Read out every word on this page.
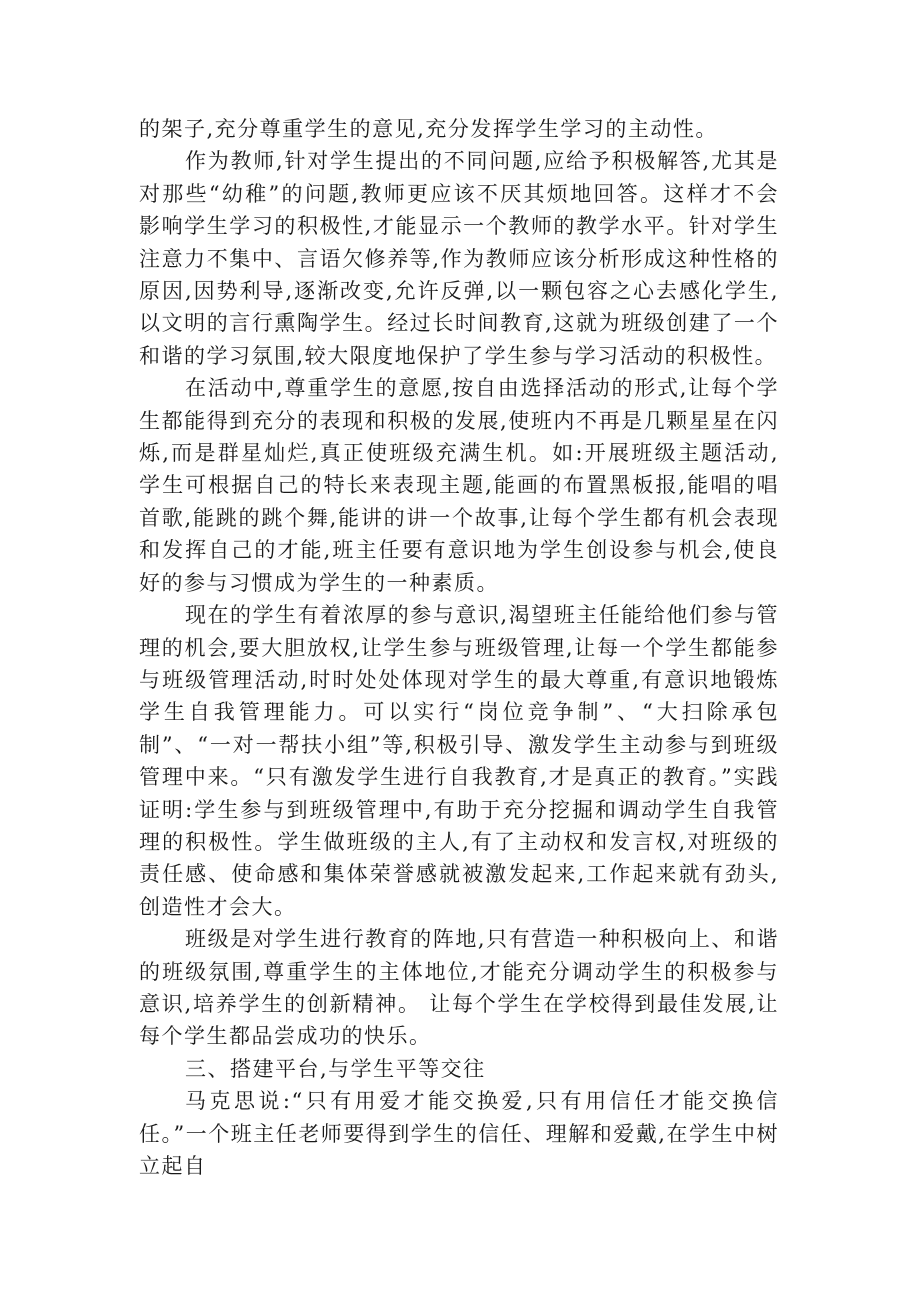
的架子,充分尊重学生的意见,充分发挥学生学习的主动性。

作为教师,针对学生提出的不同问题,应给予积极解答,尤其是对那些“幼稚”的问题,教师更应该不厌其烦地回答。这样才不会影响学生学习的积极性,才能显示一个教师的教学水平。针对学生注意力不集中、言语欠修养等,作为教师应该分析形成这种性格的原因,因势利导,逐渐改变,允许反弹,以一颗包容之心去感化学生,以文明的言行熏陶学生。经过长时间教育,这就为班级创建了一个和谐的学习氛围,较大限度地保护了学生参与学习活动的积极性。

在活动中,尊重学生的意愿,按自由选择活动的形式,让每个学生都能得到充分的表现和积极的发展,使班内不再是几颗星星在闪烁,而是群星灿烂,真正使班级充满生机。如:开展班级主题活动,学生可根据自己的特长来表现主题,能画的布置黑板报,能唱的唱首歌,能跳的跳个舞,能讲的讲一个故事,让每个学生都有机会表现和发挥自己的才能,班主任要有意识地为学生创设参与机会,使良好的参与习惯成为学生的一种素质。

现在的学生有着浓厚的参与意识,渴望班主任能给他们参与管理的机会,要大胆放权,让学生参与班级管理,让每一个学生都能参与班级管理活动,时时处处体现对学生的最大尊重,有意识地锻炼学生自我管理能力。可以实行“岗位竞争制”、“大扫除承包制”、“一对一帮扶小组”等,积极引导、激发学生主动参与到班级管理中来。“只有激发学生进行自我教育,才是真正的教育。”实践证明:学生参与到班级管理中,有助于充分挖掘和调动学生自我管理的积极性。学生做班级的主人,有了主动权和发言权,对班级的责任感、使命感和集体荣誉感就被激发起来,工作起来就有劲头,创造性才会大。

班级是对学生进行教育的阵地,只有营造一种积极向上、和谐的班级氛围,尊重学生的主体地位,才能充分调动学生的积极参与意识,培养学生的创新精神。 让每个学生在学校得到最佳发展,让每个学生都品尝成功的快乐。

三、搭建平台,与学生平等交往

马克思说:“只有用爱才能交换爱,只有用信任才能交换信任。”一个班主任老师要得到学生的信任、理解和爱戴,在学生中树立起自
